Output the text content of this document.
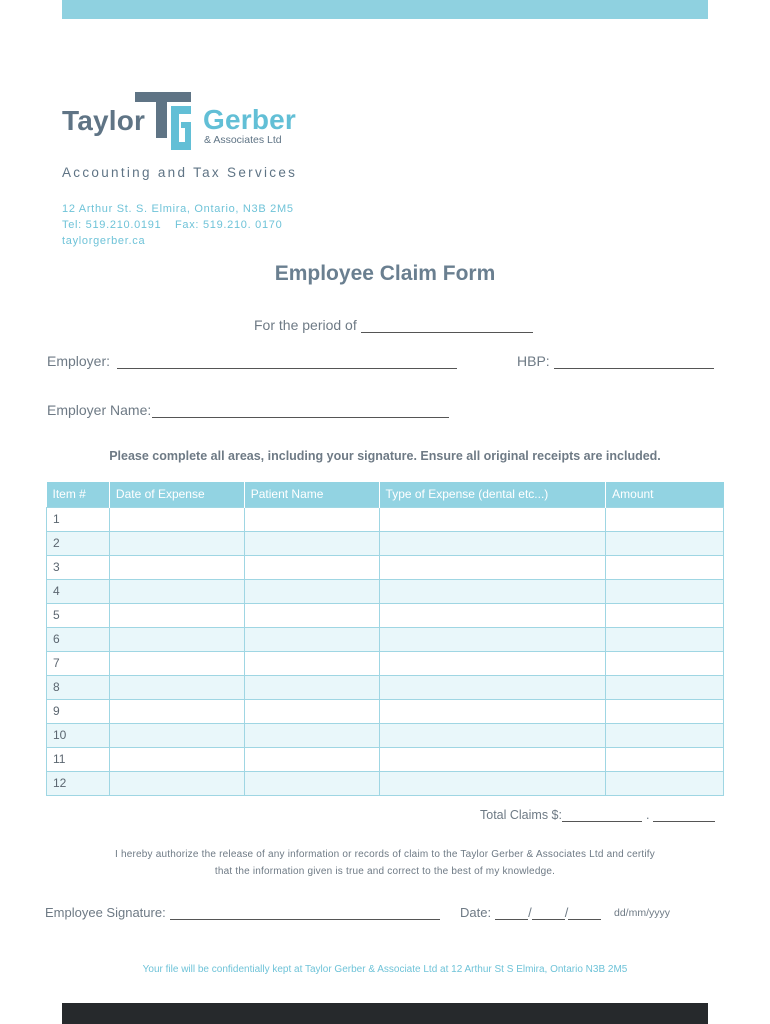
Taylor Gerber
& Associates Ltd
Accounting and Tax Services
12 Arthur St. S. Elmira, Ontario, N3B 2M5
Tel: 519.210.0191 Fax: 519.210. 0170
taylorgerber.ca
Employee Claim Form
For the period of
Employer:	HBP:
Employer Name:
Please complete all areas, including your signature. Ensure all original receipts are included.
Item #	Date of Expense	Patient Name	Type of Expense (dental etc...)	Amount
1				
2				
3				
4				
5				
6				
7				
8				
9				
10				
11				
12				
Total Claims $:	.
I hereby authorize the release of any information or records of claim to the Taylor Gerber & Associates Ltd and certify
that the information given is true and correct to the best of my knowledge.
Employee Signature:	Date:	/	/	dd/mm/yyyy
Your file will be confidentially kept at Taylor Gerber & Associate Ltd at 12 Arthur St S Elmira, Ontario N3B 2M5
